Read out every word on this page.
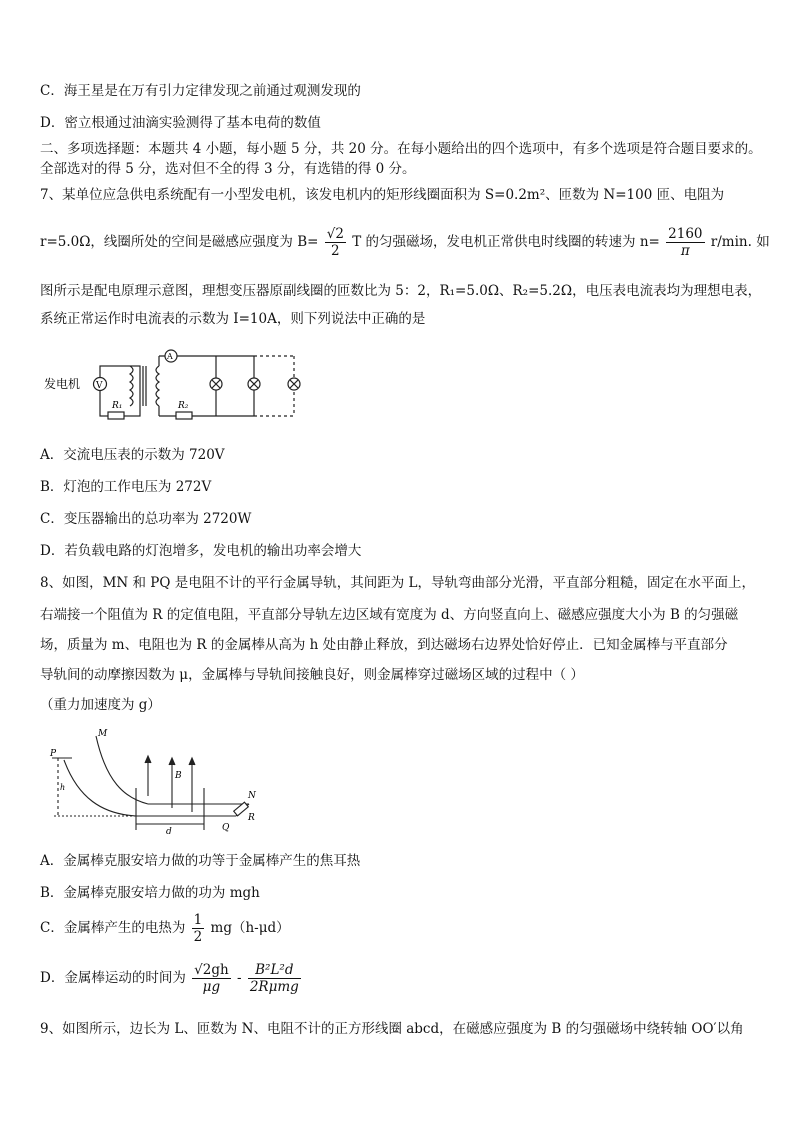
C．海王星是在万有引力定律发现之前通过观测发现的
D．密立根通过油滴实验测得了基本电荷的数值
二、多项选择题：本题共 4 小题，每小题 5 分，共 20 分。在每小题给出的四个选项中，有多个选项是符合题目要求的。
全部选对的得 5 分，选对但不全的得 3 分，有选错的得 0 分。
7、某单位应急供电系统配有一小型发电机，该发电机内的矩形线圈面积为 S=0.2m²、匝数为 N=100 匝、电阻为
r=5.0Ω，线圈所处的空间是磁感应强度为 $B= \frac{√2}{2}$ T 的匀强磁场，发电机正常供电时线圈的转速为 $n= \frac{2160}{\pi} r/\min$. 如
图所示是配电原理示意图，理想变压器原副线圈的匝数比为 5：2，R₁=5.0Ω、R₂=5.2Ω，电压表电流表均为理想电表，
系统正常运作时电流表的示数为 I=10A，则下列说法中正确的是
发电机 V
A
R₁	R₂
A．交流电压表的示数为 720V
B．灯泡的工作电压为 272V
C．变压器输出的总功率为 2720W
D．若负载电路的灯泡增多，发电机的输出功率会增大
8、如图，MN 和 PQ 是电阻不计的平行金属导轨，其间距为 L，导轨弯曲部分光滑，平直部分粗糙，固定在水平面上，
右端接一个阻值为 R 的定值电阻，平直部分导轨左边区域有宽度为 d、方向竖直向上、磁感应强度大小为 B 的匀强磁
场，质量为 m、电阻也为 R 的金属棒从高为 h 处由静止释放，到达磁场右边界处恰好停止．已知金属棒与平直部分
导轨间的动摩擦因数为 μ，金属棒与导轨间接触良好，则金属棒穿过磁场区域的过程中（ ）
（重力加速度为 g）
M
P
N
Q
R
B
h
d
A．金属棒克服安培力做的功等于金属棒产生的焦耳热
B．金属棒克服安培力做的功为 mgh
C．金属棒产生的电热为 $\frac{1}{2} mg(h-\mu d)$
D．金属棒运动的时间为 $\frac{√2gh}{\mu g} - \frac{\text{B²L²d}}{\text{2Rμmg}}$
9、如图所示，边长为 L、匝数为 N、电阻不计的正方形线圈 abcd，在磁感应强度为 B 的匀强磁场中绕转轴 OO′以角
